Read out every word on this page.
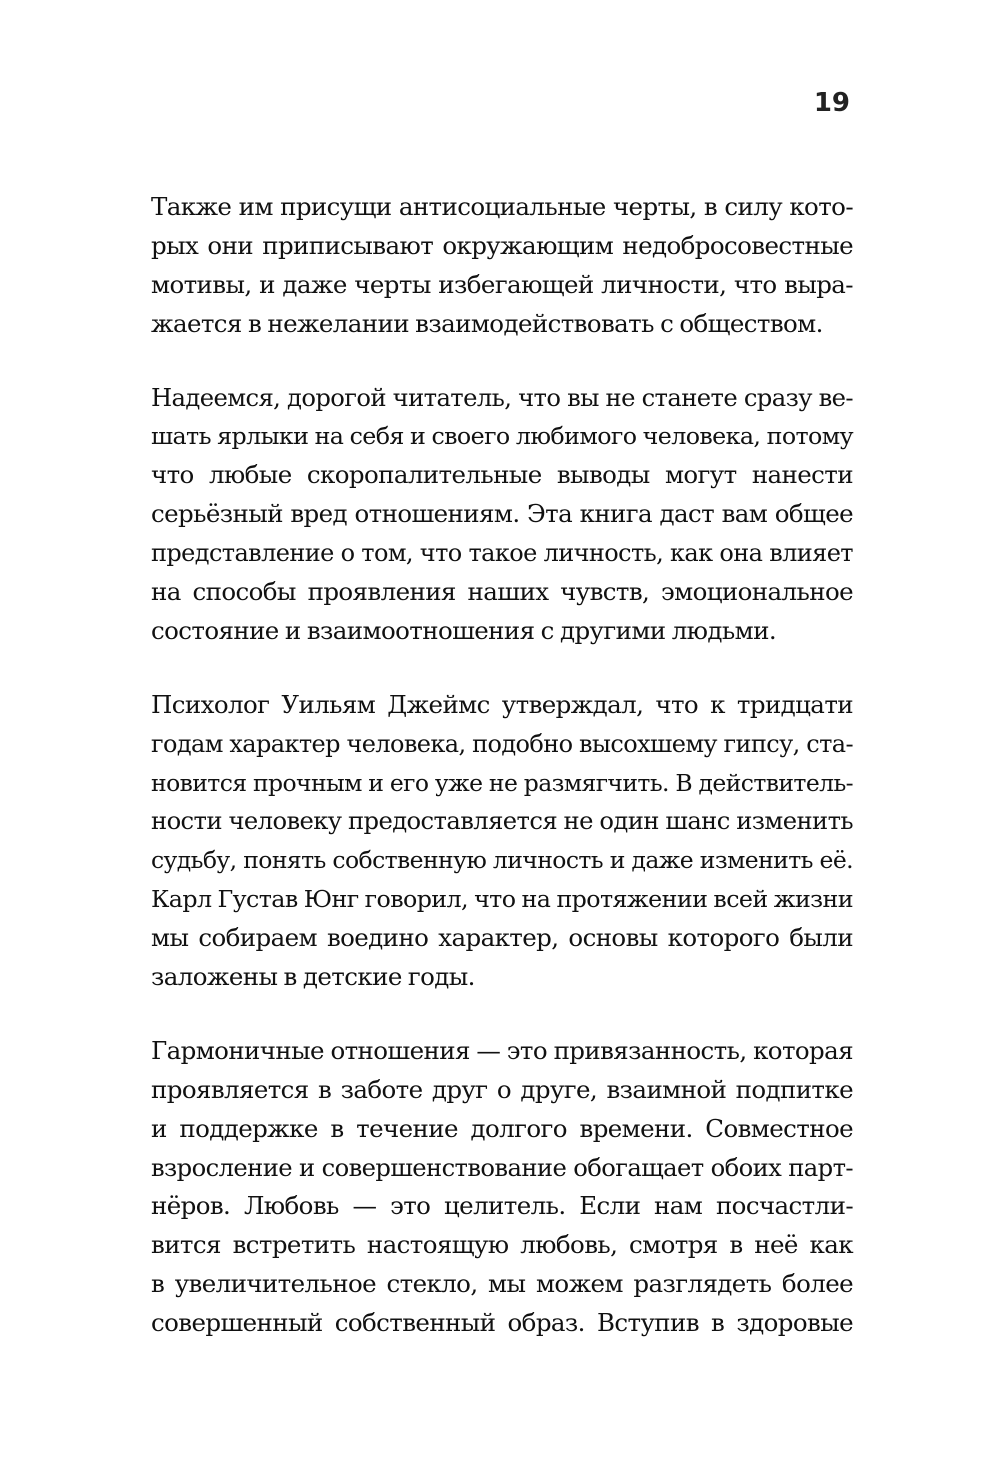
19
Также им присущи антисоциальные черты, в силу кото-
рых они приписывают окружающим недобросовестные
мотивы, и даже черты избегающей личности, что выра-
жается в нежелании взаимодействовать с обществом.
Надеемся, дорогой читатель, что вы не станете сразу ве-
шать ярлыки на себя и своего любимого человека, потому
что любые скоропалительные выводы могут нанести
серьёзный вред отношениям. Эта книга даст вам общее
представление о том, что такое личность, как она влияет
на способы проявления наших чувств, эмоциональное
состояние и взаимоотношения с другими людьми.
Психолог Уильям Джеймс утверждал, что к тридцати
годам характер человека, подобно высохшему гипсу, ста-
новится прочным и его уже не размягчить. В действитель-
ности человеку предоставляется не один шанс изменить
судьбу, понять собственную личность и даже изменить её.
Карл Густав Юнг говорил, что на протяжении всей жизни
мы собираем воедино характер, основы которого были
заложены в детские годы.
Гармоничные отношения — это привязанность, которая
проявляется в заботе друг о друге, взаимной подпитке
и поддержке в течение долгого времени. Совместное
взросление и совершенствование обогащает обоих парт-
нёров. Любовь — это целитель. Если нам посчастли-
вится встретить настоящую любовь, смотря в неё как
в увеличительное стекло, мы можем разглядеть более
совершенный собственный образ. Вступив в здоровые
